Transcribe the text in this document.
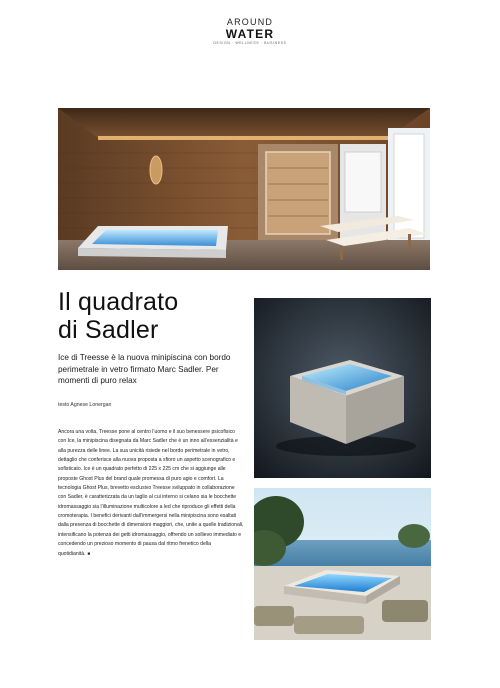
AROUND
WATER
DESIGN · WELLNESS · BUSINESS
Il quadrato
di Sadler

Ice di Treesse è la nuova minipiscina con bordo perimetrale in vetro firmato Marc Sadler. Per momenti di puro relax

testo Agnese Lonergan

Ancora una volta, Treesse pone al centro l’uomo e il suo benessere psicofisico con Ice, la minipiscina disegnata da Marc Sadler che è un inno all’essenzialità e alla purezza delle linee. La sua unicità risiede nel bordo perimetrale in vetro, dettaglio che conferisce alla nuova proposta a sfioro un aspetto scenografico e sofisticato. Ice è un quadrato perfetto di 225 x 225 cm che si aggiunge alle proposte Ghost Plus del brand quale promessa di puro agio e comfort. La tecnologia Ghost Plus, brevetto esclusivo Treesse sviluppato in collaborazione con Sadler, è caratterizzata da un taglio al cui interno si celano sia le bocchette idromassaggio sia l’illuminazione multicolore a led che riproduce gli effetti della cromoterapia. I benefici derivanti dall’immergersi nella minipiscina sono esaltati dalla presenza di bocchette di dimensioni maggiori, che, unite a quelle tradizionali, intensificano la potenza dei getti idromassaggio, offrendo un sollievo immediato e concedendo un prezioso momento di pausa dal ritmo frenetico della quotidianità. ■
